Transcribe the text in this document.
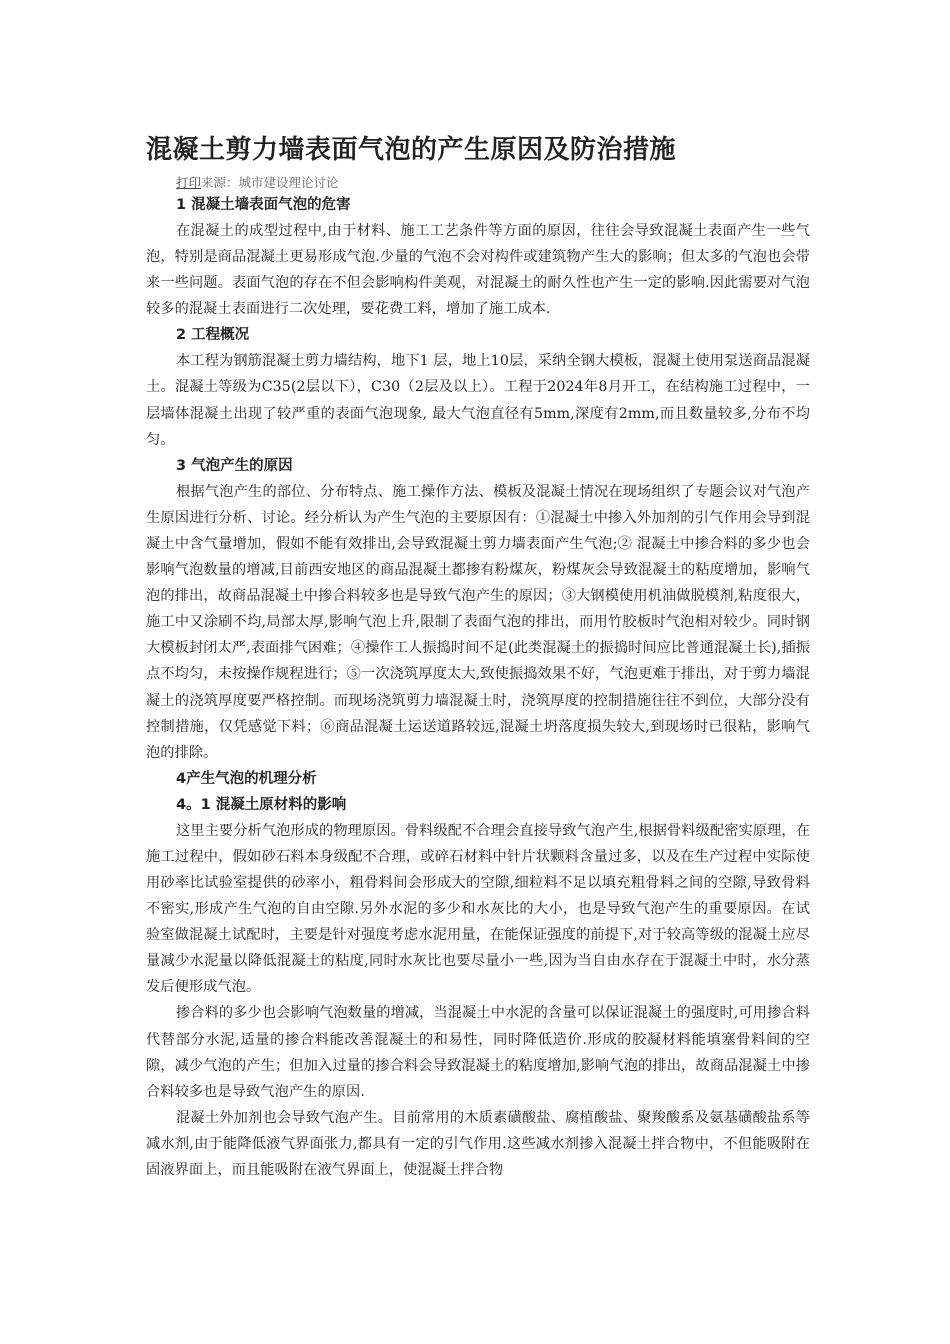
混凝土剪力墙表面气泡的产生原因及防治措施
打印来源：城市建设理论讨论

1 混凝土墙表面气泡的危害

在混凝土的成型过程中,由于材料、施工工艺条件等方面的原因，往往会导致混凝土表面产生一些气泡，特别是商品混凝土更易形成气泡.少量的气泡不会对构件或建筑物产生大的影响；但太多的气泡也会带来一些问题。表面气泡的存在不但会影响构件美观，对混凝土的耐久性也产生一定的影响.因此需要对气泡较多的混凝土表面进行二次处理，要花费工料，增加了施工成本.

2 工程概况

本工程为钢筋混凝土剪力墙结构，地下1 层，地上10层，采纳全钢大模板，混凝土使用泵送商品混凝土。混凝土等级为C35(2层以下），C30（2层及以上）。工程于2024年8月开工，在结构施工过程中，一层墙体混凝土出现了较严重的表面气泡现象, 最大气泡直径有5mm,深度有2mm,而且数量较多,分布不均匀。

3 气泡产生的原因

根据气泡产生的部位、分布特点、施工操作方法、模板及混凝土情况在现场组织了专题会议对气泡产生原因进行分析、讨论。经分析认为产生气泡的主要原因有：①混凝土中掺入外加剂的引气作用会导到混凝土中含气量增加，假如不能有效排出,会导致混凝土剪力墙表面产生气泡;② 混凝土中掺合料的多少也会影响气泡数量的增减,目前西安地区的商品混凝土都掺有粉煤灰，粉煤灰会导致混凝土的粘度增加，影响气泡的排出，故商品混凝土中掺合料较多也是导致气泡产生的原因；③大钢模使用机油做脱模剂,粘度很大，施工中又涂刷不均,局部太厚,影响气泡上升,限制了表面气泡的排出，而用竹胶板时气泡相对较少。同时钢大模板封闭太严,表面排气困难；④操作工人振捣时间不足(此类混凝土的振捣时间应比普通混凝土长),插振点不均匀，未按操作规程进行；⑤一次浇筑厚度太大,致使振捣效果不好，气泡更难于排出，对于剪力墙混凝土的浇筑厚度要严格控制。而现场浇筑剪力墙混凝土时，浇筑厚度的控制措施往往不到位，大部分没有控制措施，仅凭感觉下料；⑥商品混凝土运送道路较远,混凝土坍落度损失较大,到现场时已很粘，影响气泡的排除。

4产生气泡的机理分析

4。1 混凝土原材料的影响

这里主要分析气泡形成的物理原因。骨料级配不合理会直接导致气泡产生,根据骨料级配密实原理，在施工过程中，假如砂石料本身级配不合理，或碎石材料中针片状颗料含量过多，以及在生产过程中实际使用砂率比试验室提供的砂率小，粗骨料间会形成大的空隙,细粒料不足以填充粗骨料之间的空隙,导致骨料不密实,形成产生气泡的自由空隙.另外水泥的多少和水灰比的大小，也是导致气泡产生的重要原因。在试验室做混凝土试配时，主要是针对强度考虑水泥用量，在能保证强度的前提下,对于较高等级的混凝土应尽量减少水泥量以降低混凝土的粘度,同时水灰比也要尽量小一些,因为当自由水存在于混凝土中时，水分蒸发后便形成气泡。

掺合料的多少也会影响气泡数量的增减，当混凝土中水泥的含量可以保证混凝土的强度时,可用掺合料代替部分水泥,适量的掺合料能改善混凝土的和易性，同时降低造价.形成的胶凝材料能填塞骨料间的空隙，减少气泡的产生；但加入过量的掺合料会导致混凝土的粘度增加,影响气泡的排出，故商品混凝土中掺合料较多也是导致气泡产生的原因.

混凝土外加剂也会导致气泡产生。目前常用的木质素磺酸盐、腐植酸盐、聚羧酸系及氨基磺酸盐系等减水剂,由于能降低液气界面张力,都具有一定的引气作用.这些减水剂掺入混凝土拌合物中，不但能吸附在固液界面上，而且能吸附在液气界面上，使混凝土拌合物
